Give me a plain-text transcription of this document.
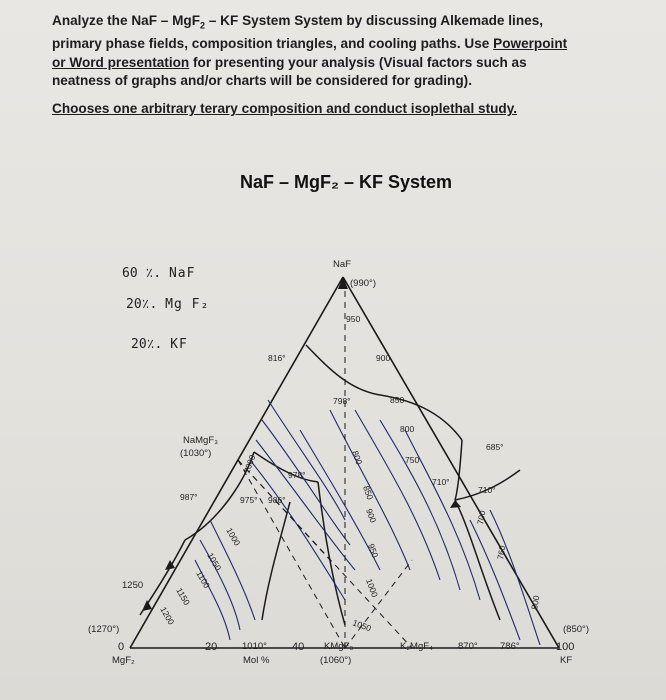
Analyze the NaF – MgF$_2$ – KF System System by discussing Alkemade lines,
primary phase fields, composition triangles, and cooling paths. Use Powerpoint
or Word presentation for presenting your analysis (Visual factors such as
neatness of graphs and/or charts will be considered for grading).
Chooses one arbitrary terary composition and conduct isoplethal study.
NaF – MgF₂ – KF System
60 ٪. NaF
20٪. Mg F₂
20٪. KF
NaF
(990°)
(1270°)
0
MgF₂
(850°)
100
KF
NaMgF₃
(1030°)
KMgF₃
(1060°)
K₂MgF₄
20	40
Mol %
1010°	870° 786°
816°
798°
978°
975° 986°
987°
1250
685°
710°
710°
950
900
850
800
750
700
760
800
1000
1050
1100
1150
1200
1000
800
850
900
950
1000
1050
